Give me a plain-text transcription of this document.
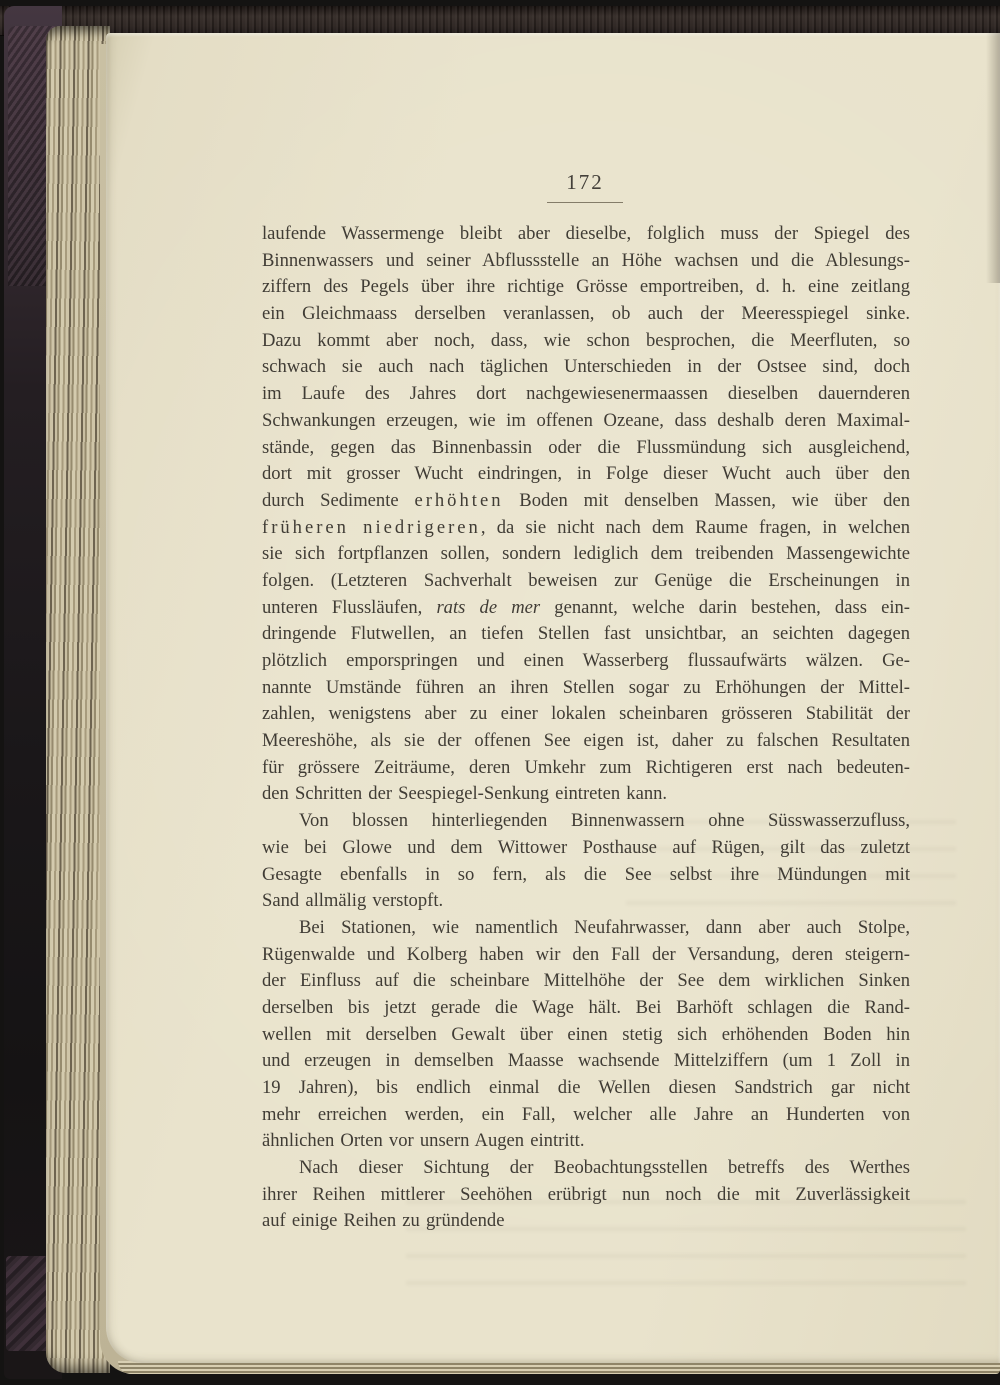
172
laufende Wassermenge bleibt aber dieselbe, folglich muss der Spiegel des
Binnenwassers und seiner Abflussstelle an Höhe wachsen und die Ablesungs-
ziffern des Pegels über ihre richtige Grösse emportreiben, d. h. eine zeitlang
ein Gleichmaass derselben veranlassen, ob auch der Meeresspiegel sinke.
Dazu kommt aber noch, dass, wie schon besprochen, die Meerfluten, so
schwach sie auch nach täglichen Unterschieden in der Ostsee sind, doch
im Laufe des Jahres dort nachgewiesenermaassen dieselben dauernderen
Schwankungen erzeugen, wie im offenen Ozeane, dass deshalb deren Maximal-
stände, gegen das Binnenbassin oder die Flussmündung sich ausgleichend,
dort mit grosser Wucht eindringen, in Folge dieser Wucht auch über den
durch Sedimente erhöhten Boden mit denselben Massen, wie über den
früheren niedrigeren, da sie nicht nach dem Raume fragen, in welchen
sie sich fortpflanzen sollen, sondern lediglich dem treibenden Massengewichte
folgen. (Letzteren Sachverhalt beweisen zur Genüge die Erscheinungen in
unteren Flussläufen, rats de mer genannt, welche darin bestehen, dass ein-
dringende Flutwellen, an tiefen Stellen fast unsichtbar, an seichten dagegen
plötzlich emporspringen und einen Wasserberg flussaufwärts wälzen. Ge-
nannte Umstände führen an ihren Stellen sogar zu Erhöhungen der Mittel-
zahlen, wenigstens aber zu einer lokalen scheinbaren grösseren Stabilität der
Meereshöhe, als sie der offenen See eigen ist, daher zu falschen Resultaten
für grössere Zeiträume, deren Umkehr zum Richtigeren erst nach bedeuten-
den Schritten der Seespiegel-Senkung eintreten kann.
Von blossen hinterliegenden Binnenwassern ohne Süsswasserzufluss,
wie bei Glowe und dem Wittower Posthause auf Rügen, gilt das zuletzt
Gesagte ebenfalls in so fern, als die See selbst ihre Mündungen mit
Sand allmälig verstopft.
Bei Stationen, wie namentlich Neufahrwasser, dann aber auch Stolpe,
Rügenwalde und Kolberg haben wir den Fall der Versandung, deren steigern-
der Einfluss auf die scheinbare Mittelhöhe der See dem wirklichen Sinken
derselben bis jetzt gerade die Wage hält. Bei Barhöft schlagen die Rand-
wellen mit derselben Gewalt über einen stetig sich erhöhenden Boden hin
und erzeugen in demselben Maasse wachsende Mittelziffern (um 1 Zoll in
19 Jahren), bis endlich einmal die Wellen diesen Sandstrich gar nicht
mehr erreichen werden, ein Fall, welcher alle Jahre an Hunderten von
ähnlichen Orten vor unsern Augen eintritt.
Nach dieser Sichtung der Beobachtungsstellen betreffs des Werthes
ihrer Reihen mittlerer Seehöhen erübrigt nun noch die mit Zuverlässigkeit
auf einige Reihen zu gründende
